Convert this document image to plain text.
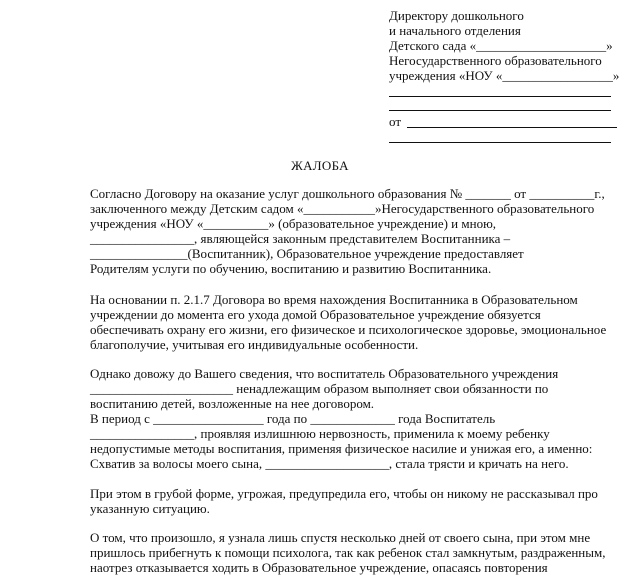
Директору дошкольного
и начального отделения
Детского сада «____________________»
Негосударственного образовательного
учреждения «НОУ «_________________»
от
ЖАЛОБА
Согласно Договору на оказание услуг дошкольного образования № _______ от __________г.,
заключенного между Детским садом «___________»Негосударственного образовательного
учреждения «НОУ «__________» (образовательное учреждение) и мною,
________________, являющейся законным представителем Воспитанника –
_______________(Воспитанник), Образовательное учреждение предоставляет
Родителям услуги по обучению, воспитанию и развитию Воспитанника.
На основании п. 2.1.7 Договора во время нахождения Воспитанника в Образовательном
учреждении до момента его ухода домой Образовательное учреждение обязуется
обеспечивать охрану его жизни, его физическое и психологическое здоровье, эмоциональное
благополучие, учитывая его индивидуальные особенности.
Однако довожу до Вашего сведения, что воспитатель Образовательного учреждения
______________________ ненадлежащим образом выполняет свои обязанности по
воспитанию детей, возложенные на нее договором.
В период с _________________ года по _____________ года Воспитатель
________________, проявляя излишнюю нервозность, применила к моему ребенку
недопустимые методы воспитания, применяя физическое насилие и унижая его, а именно:
Схватив за волосы моего сына, ___________________, стала трясти и кричать на него.
При этом в грубой форме, угрожая, предупредила его, чтобы он никому не рассказывал про
указанную ситуацию.
О том, что произошло, я узнала лишь спустя несколько дней от своего сына, при этом мне
пришлось прибегнуть к помощи психолога, так как ребенок стал замкнутым, раздраженным,
наотрез отказывается ходить в Образовательное учреждение, опасаясь повторения
